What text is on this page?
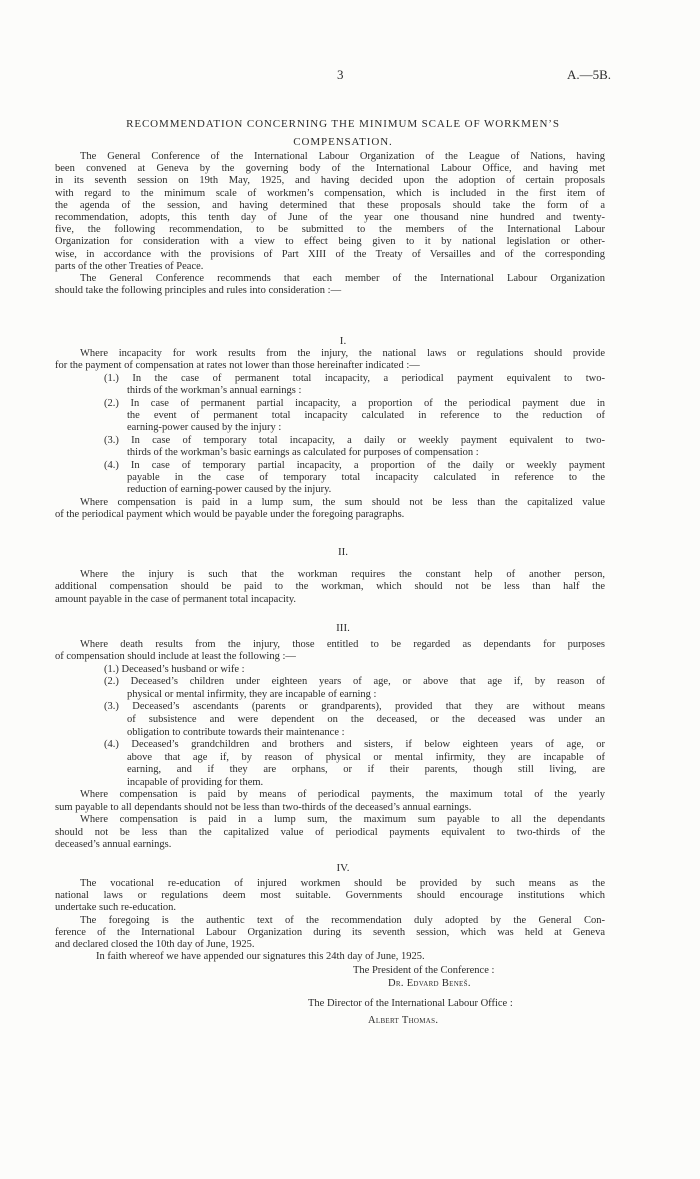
3	A.—5B.
RECOMMENDATION CONCERNING THE MINIMUM SCALE OF WORKMEN’S
COMPENSATION.
The General Conference of the International Labour Organization of the League of Nations, having
been convened at Geneva by the governing body of the International Labour Office, and having met
in its seventh session on 19th May, 1925, and having decided upon the adoption of certain proposals
with regard to the minimum scale of workmen’s compensation, which is included in the first item of
the agenda of the session, and having determined that these proposals should take the form of a
recommendation, adopts, this tenth day of June of the year one thousand nine hundred and twenty-
five, the following recommendation, to be submitted to the members of the International Labour
Organization for consideration with a view to effect being given to it by national legislation or other-
wise, in accordance with the provisions of Part XIII of the Treaty of Versailles and of the corresponding
parts of the other Treaties of Peace.
The General Conference recommends that each member of the International Labour Organization
should take the following principles and rules into consideration :—
I.
Where incapacity for work results from the injury, the national laws or regulations should provide
for the payment of compensation at rates not lower than those hereinafter indicated :—
(1.) In the case of permanent total incapacity, a periodical payment equivalent to two-
thirds of the workman’s annual earnings :
(2.) In case of permanent partial incapacity, a proportion of the periodical payment due in
the event of permanent total incapacity calculated in reference to the reduction of
earning-power caused by the injury :
(3.) In case of temporary total incapacity, a daily or weekly payment equivalent to two-
thirds of the workman’s basic earnings as calculated for purposes of compensation :
(4.) In case of temporary partial incapacity, a proportion of the daily or weekly payment
payable in the case of temporary total incapacity calculated in reference to the
reduction of earning-power caused by the injury.
Where compensation is paid in a lump sum, the sum should not be less than the capitalized value
of the periodical payment which would be payable under the foregoing paragraphs.
II.
Where the injury is such that the workman requires the constant help of another person,
additional compensation should be paid to the workman, which should not be less than half the
amount payable in the case of permanent total incapacity.
III.
Where death results from the injury, those entitled to be regarded as dependants for purposes
of compensation should include at least the following :—
(1.) Deceased’s husband or wife :
(2.) Deceased’s children under eighteen years of age, or above that age if, by reason of
physical or mental infirmity, they are incapable of earning :
(3.) Deceased’s ascendants (parents or grandparents), provided that they are without means
of subsistence and were dependent on the deceased, or the deceased was under an
obligation to contribute towards their maintenance :
(4.) Deceased’s grandchildren and brothers and sisters, if below eighteen years of age, or
above that age if, by reason of physical or mental infirmity, they are incapable of
earning, and if they are orphans, or if their parents, though still living, are
incapable of providing for them.
Where compensation is paid by means of periodical payments, the maximum total of the yearly
sum payable to all dependants should not be less than two-thirds of the deceased’s annual earnings.
Where compensation is paid in a lump sum, the maximum sum payable to all the dependants
should not be less than the capitalized value of periodical payments equivalent to two-thirds of the
deceased’s annual earnings.
IV.
The vocational re-education of injured workmen should be provided by such means as the
national laws or regulations deem most suitable. Governments should encourage institutions which
undertake such re-education.
The foregoing is the authentic text of the recommendation duly adopted by the General Con-
ference of the International Labour Organization during its seventh session, which was held at Geneva
and declared closed the 10th day of June, 1925.
In faith whereof we have appended our signatures this 24th day of June, 1925.
The President of the Conference :
Dr. Edvard Beneš.
The Director of the International Labour Office :
Albert Thomas.
